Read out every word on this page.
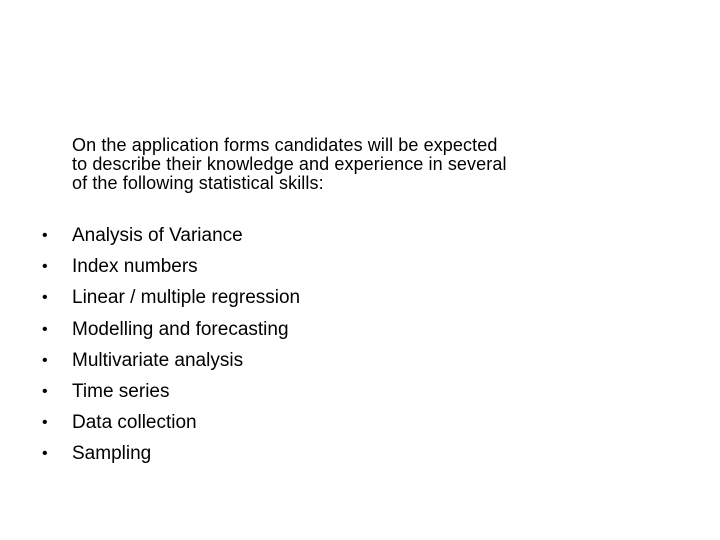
On the application forms candidates will be expected to describe their knowledge and experience in several of the following statistical skills:

• Analysis of Variance
• Index numbers
• Linear / multiple regression
• Modelling and forecasting
• Multivariate analysis
• Time series
• Data collection
• Sampling
